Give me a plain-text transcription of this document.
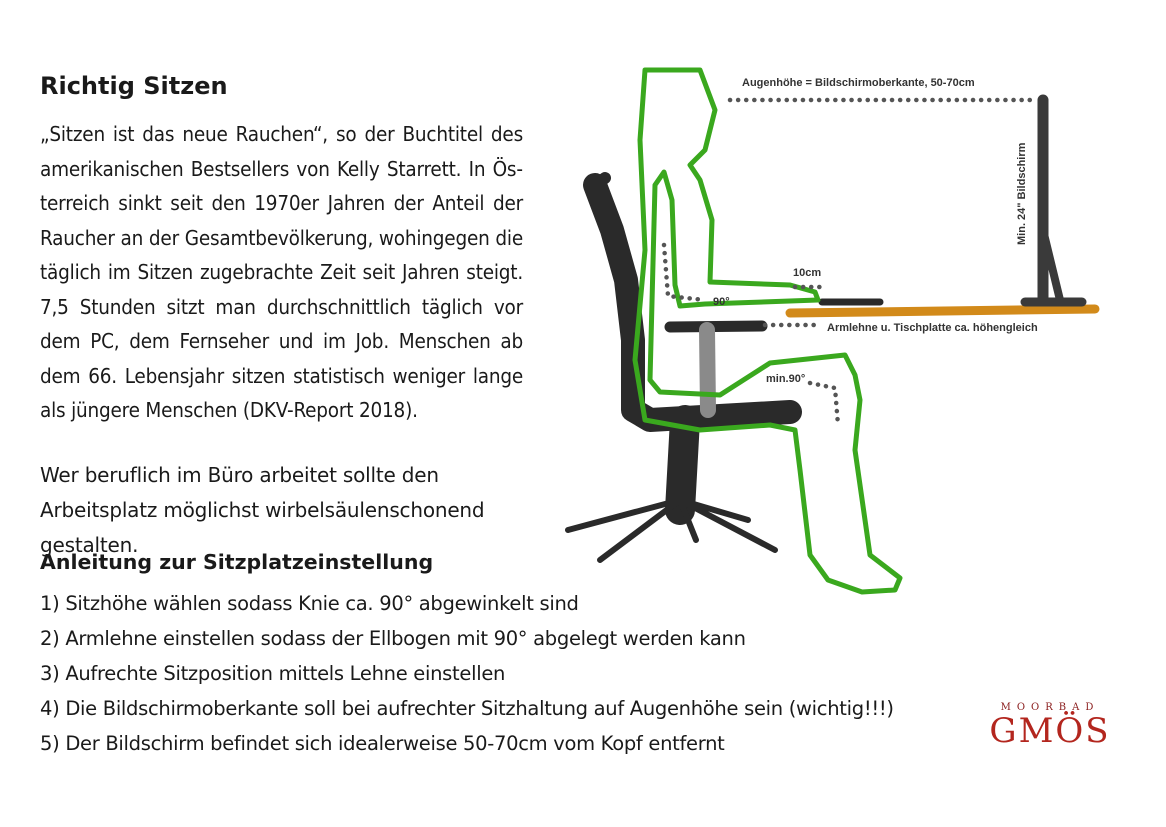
Richtig Sitzen

„Sitzen ist das neue Rauchen“, so der Buchtitel des amerikanischen Bestsellers von Kelly Starrett. In Österreich sinkt seit den 1970er Jahren der Anteil der Raucher an der Gesamtbevölkerung, wohingegen die täglich im Sitzen zugebrachte Zeit seit Jahren steigt. 7,5 Stunden sitzt man durchschnittlich täglich vor dem PC, dem Fernseher und im Job. Menschen ab dem 66. Lebensjahr sitzen statistisch weniger lange als jüngere Menschen (DKV-Report 2018).

Wer beruflich im Büro arbeitet sollte den Arbeitsplatz möglichst wirbelsäulenschonend gestalten.

Anleitung zur Sitzplatzeinstellung
1) Sitzhöhe wählen sodass Knie ca. 90° abgewinkelt sind
2) Armlehne einstellen sodass der Ellbogen mit 90° abgelegt werden kann
3) Aufrechte Sitzposition mittels Lehne einstellen
4) Die Bildschirmoberkante soll bei aufrechter Sitzhaltung auf Augenhöhe sein (wichtig!!!)
5) Der Bildschirm befindet sich idealerweise 50-70cm vom Kopf entfernt
Augenhöhe = Bildschirmoberkante, 50-70cm
Min. 24" Bildschirm
10cm
90°
Armlehne u. Tischplatte ca. höhengleich
min.90°
MOORBAD
GMÖS
